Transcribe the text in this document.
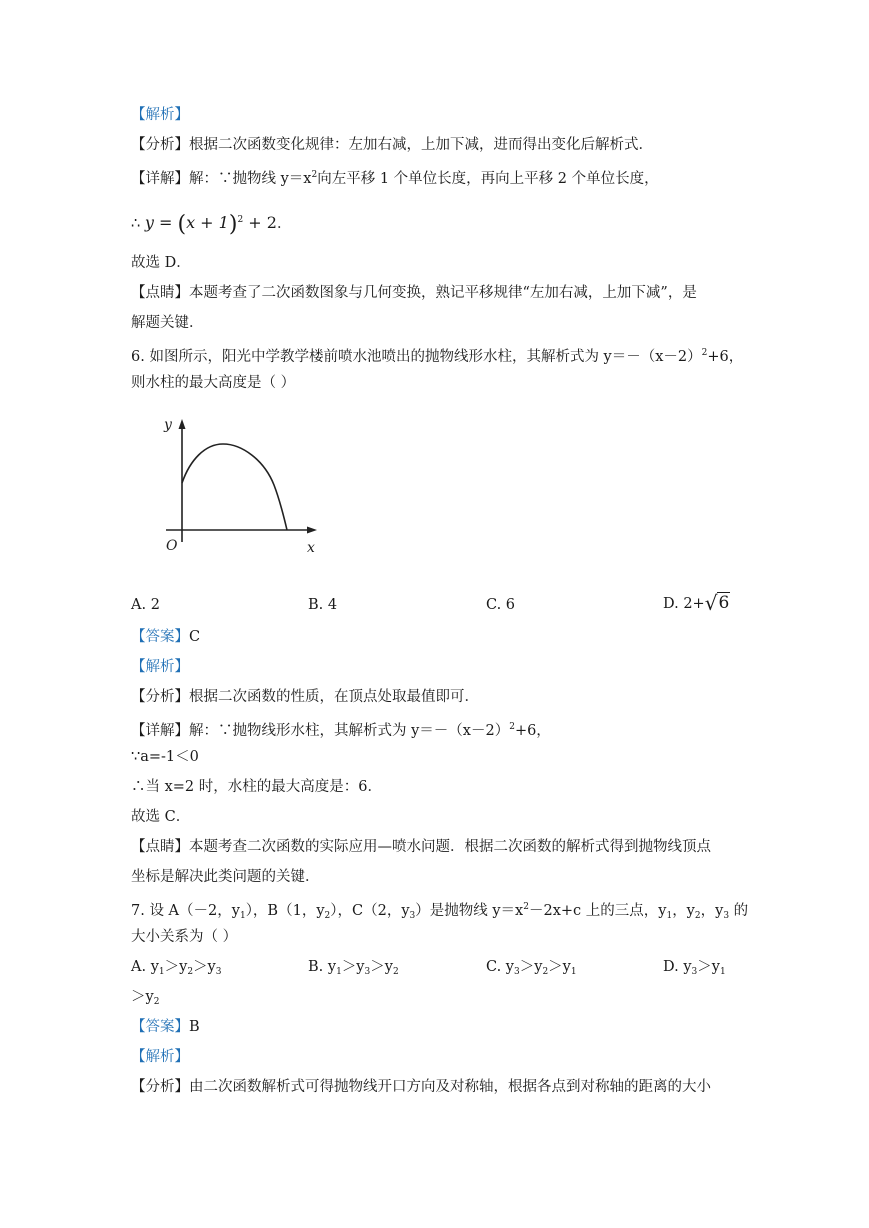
【解析】
【分析】根据二次函数变化规律：左加右减，上加下减，进而得出变化后解析式．
【详解】解：∵抛物线 $y=x^2$向左平移 1 个单位长度，再向上平移 2 个单位长度，
∴ $y = (x + 1)^2 + 2$．
故选 D．
【点睛】本题考查了二次函数图象与几何变换，熟记平移规律“左加右减，上加下减”，是
解题关键．
6. 如图所示，阳光中学教学楼前喷水池喷出的抛物线形水柱，其解析式为 $y=-(x-2)^2+6$，
则水柱的最大高度是（ ）
y
x
O
A. 2	B. 4	C. 6	D. 2+√6
【答案】C
【解析】
【分析】根据二次函数的性质，在顶点处取最值即可．
【详解】解：∵抛物线形水柱，其解析式为 $y=-(x-2)^2+6$，
∵a=-1＜0
∴当 x=2 时，水柱的最大高度是：6．
故选 C．
【点睛】本题考查二次函数的实际应用—喷水问题．根据二次函数的解析式得到抛物线顶点
坐标是解决此类问题的关键．
7. 设 A（－2，$y_1$），B（1，$y_2$），C（2，$y_3$）是抛物线 $y=x^2-2x+c$ 上的三点，$y_1$，$y_2$，$y_3$ 的
大小关系为（ ）
A. $y_1>y_2>y_3$	B. $y_1>y_3>y_2$	C. $y_3>y_2>y_1$	D. $y_3>y_1$
$>y_2$
【答案】B
【解析】
【分析】由二次函数解析式可得抛物线开口方向及对称轴，根据各点到对称轴的距离的大小
